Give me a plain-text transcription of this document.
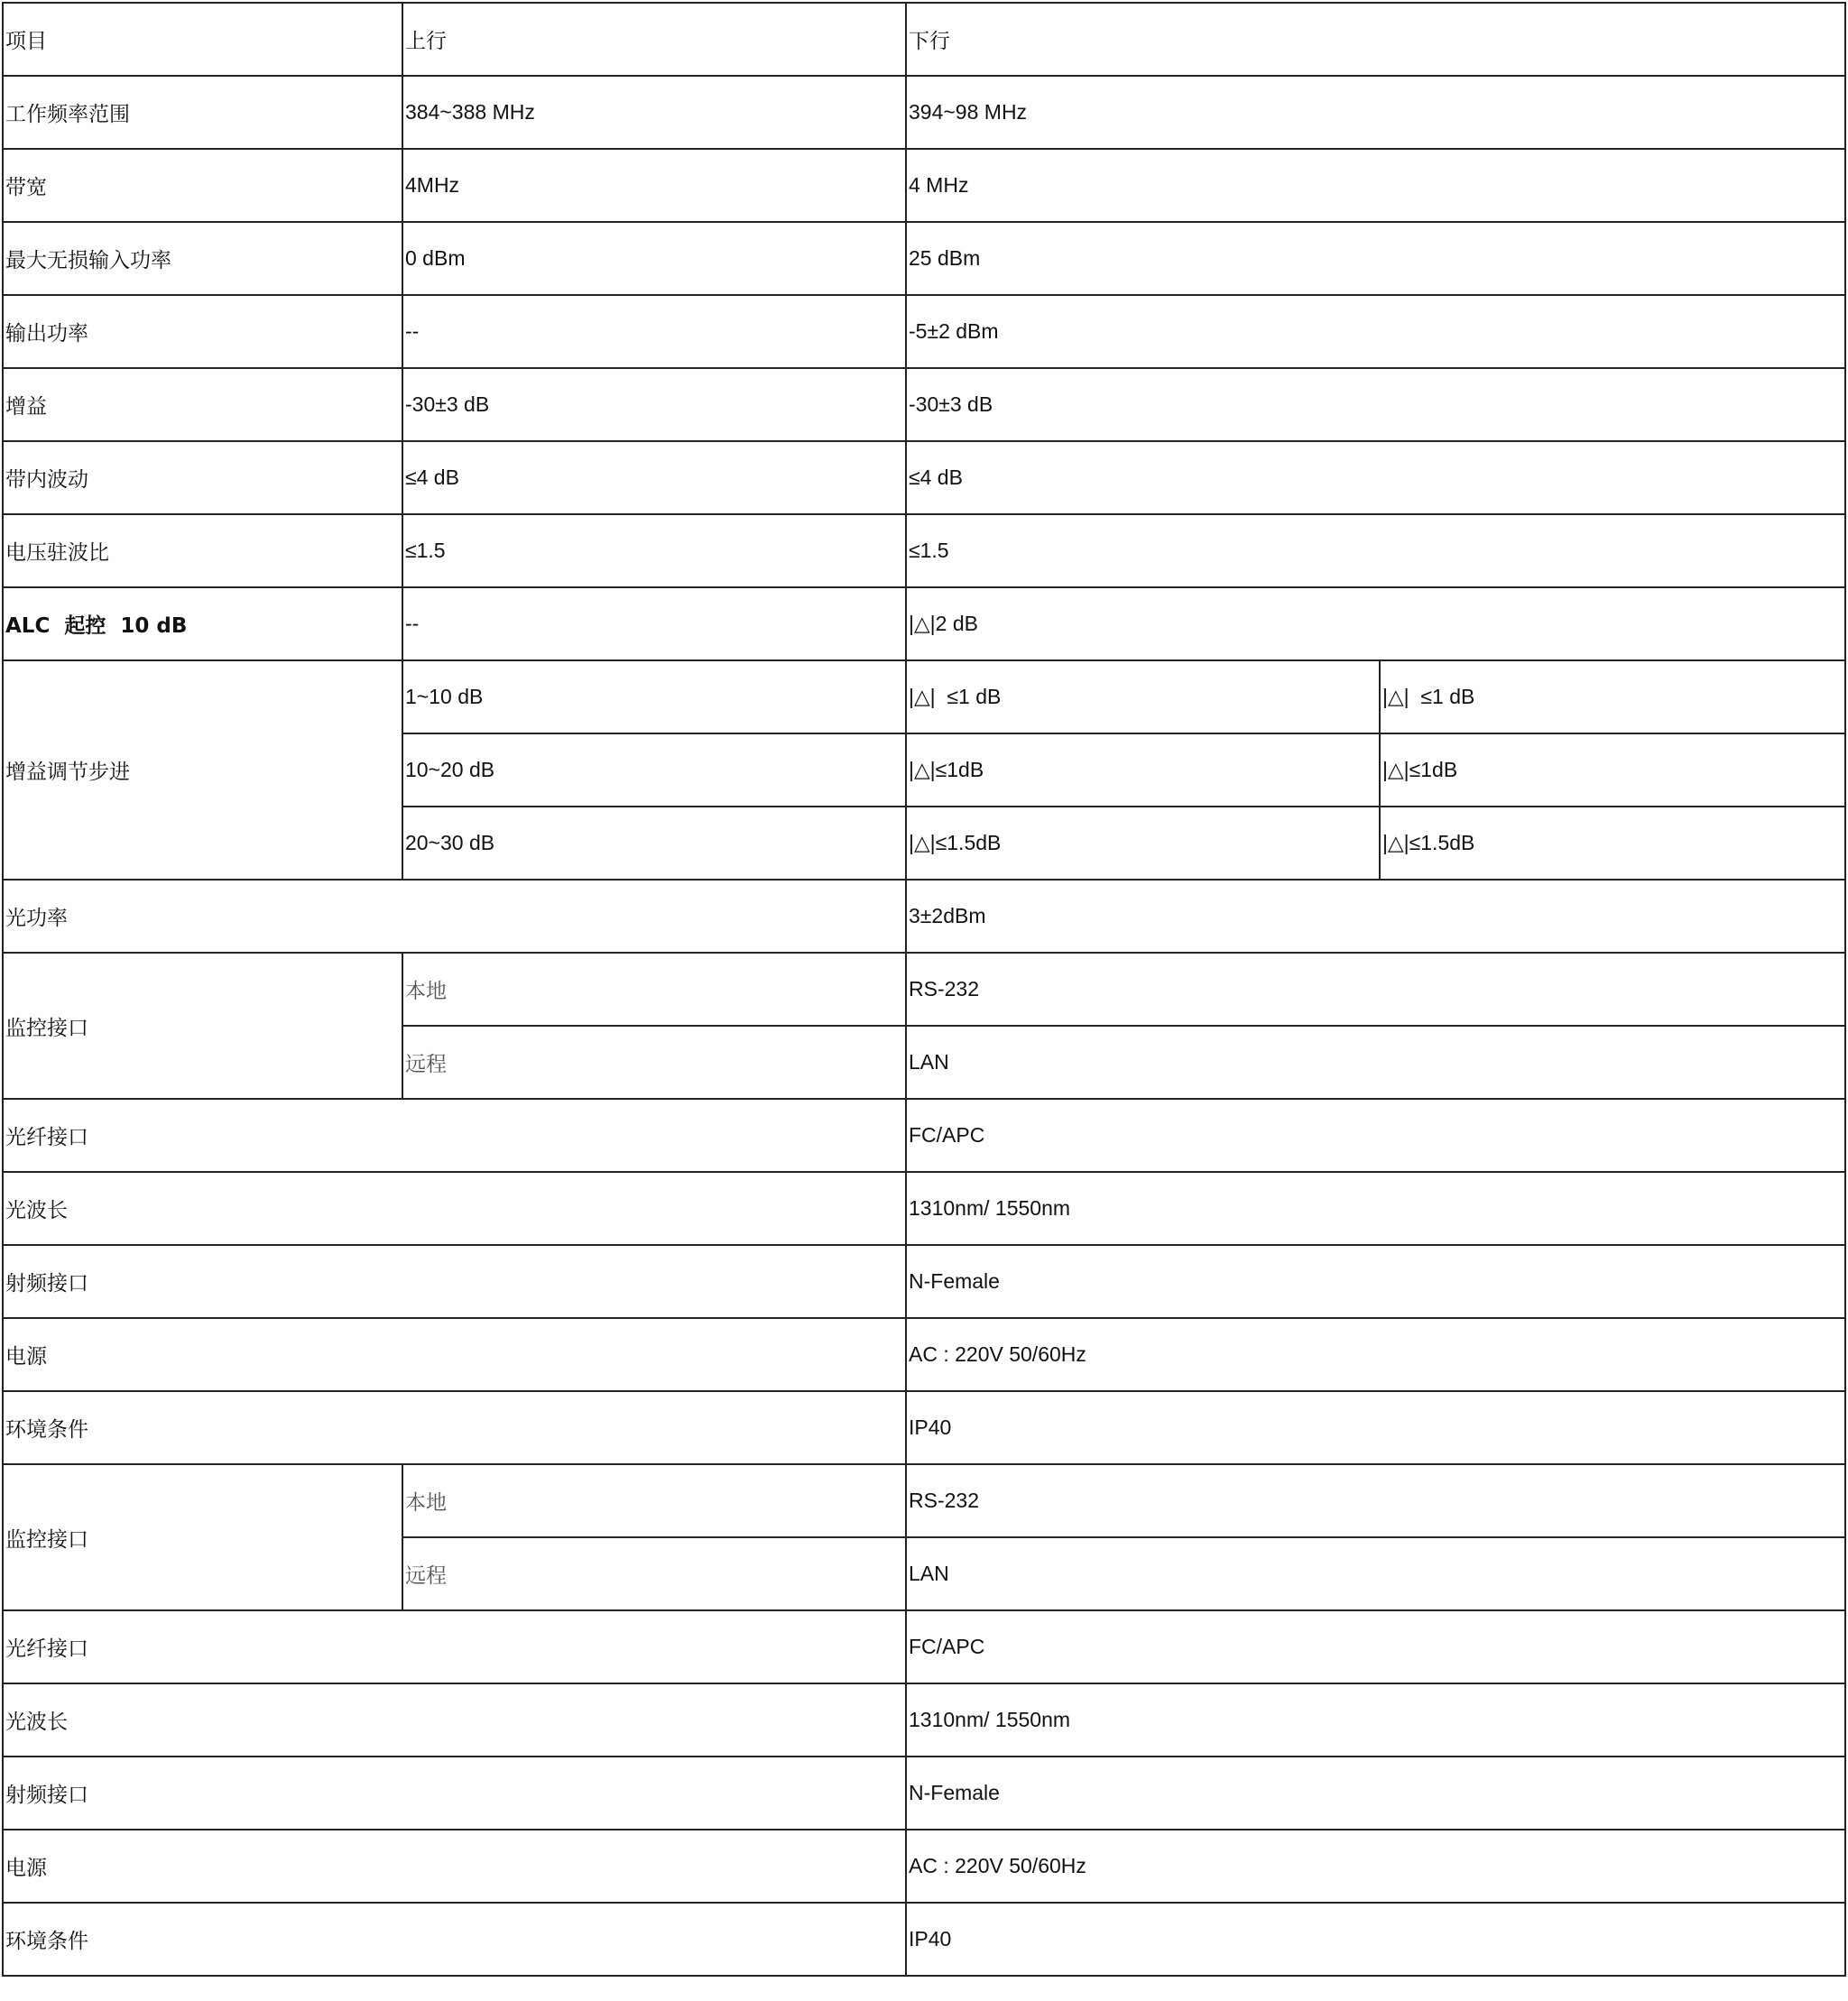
项目	上行	下行	
工作频率范围	384~388 MHz	394~98 MHz	
带宽	4MHz	4 MHz	
最大无损输入功率	0 dBm	25 dBm	
输出功率	--	-5±2 dBm	
增益	-30±3 dB	-30±3 dB	
带内波动	≤4 dB	≤4 dB	
电压驻波比	≤1.5	≤1.5	
ALC  起控  10 dB	--	|△|2 dB	
增益调节步进	1~10 dB	|△|  ≤1 dB	|△|  ≤1 dB
	10~20 dB	|△|≤1dB	|△|≤1dB
	20~30 dB	|△|≤1.5dB	|△|≤1.5dB
光功率		3±2dBm	
监控接口	本地	RS-232	
	远程	LAN	
光纤接口		FC/APC	
光波长		1310nm/ 1550nm	
射频接口		N-Female	
电源		AC : 220V 50/60Hz	
环境条件		IP40	
监控接口	本地	RS-232	
	远程	LAN	
光纤接口		FC/APC	
光波长		1310nm/ 1550nm	
射频接口		N-Female	
电源		AC : 220V 50/60Hz	
环境条件		IP40	
